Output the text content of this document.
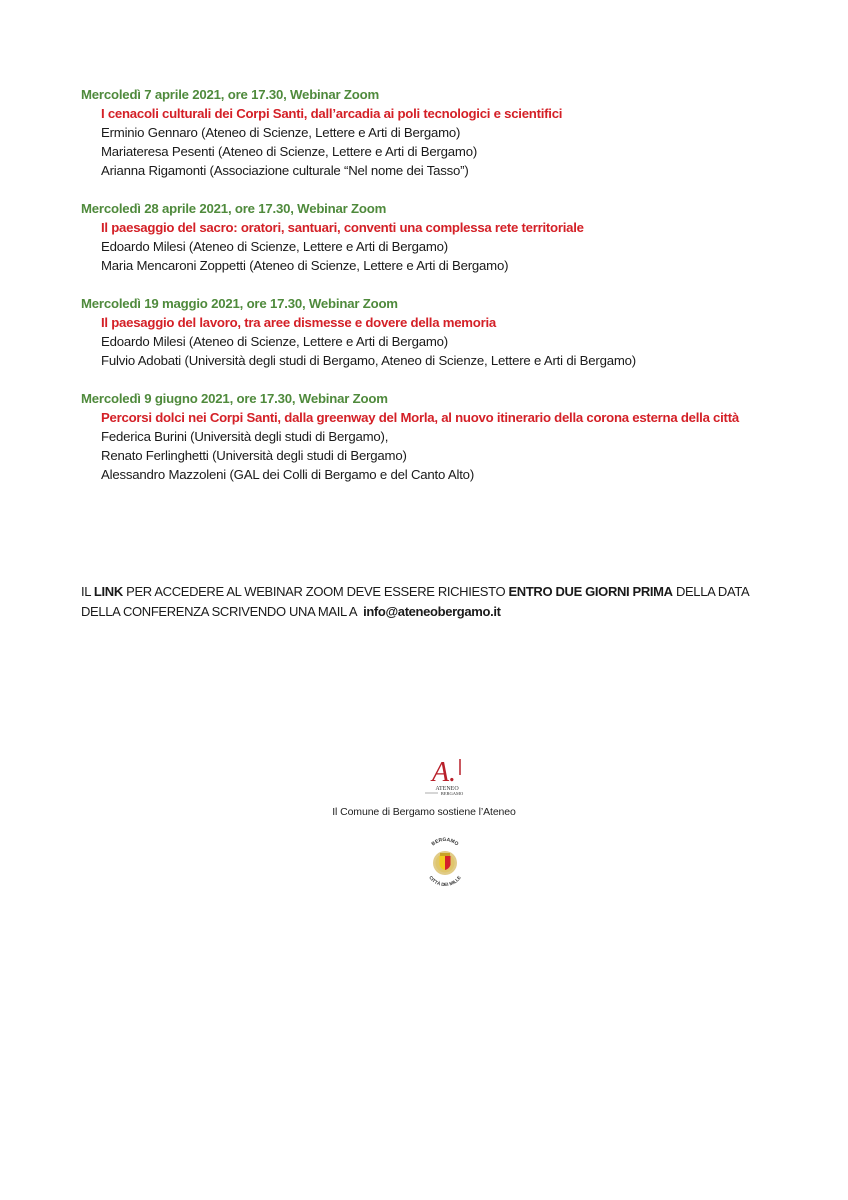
Mercoledì 7 aprile 2021, ore 17.30, Webinar Zoom
I cenacoli culturali dei Corpi Santi, dall’arcadia ai poli tecnologici e scientifici
Erminio Gennaro (Ateneo di Scienze, Lettere e Arti di Bergamo)
Mariateresa Pesenti (Ateneo di Scienze, Lettere e Arti di Bergamo)
Arianna Rigamonti (Associazione culturale “Nel nome dei Tasso”)
Mercoledì 28 aprile 2021, ore 17.30, Webinar Zoom
Il paesaggio del sacro: oratori, santuari, conventi una complessa rete territoriale
Edoardo Milesi (Ateneo di Scienze, Lettere e Arti di Bergamo)
Maria Mencaroni Zoppetti (Ateneo di Scienze, Lettere e Arti di Bergamo)
Mercoledì 19 maggio 2021, ore 17.30, Webinar Zoom
Il paesaggio del lavoro, tra aree dismesse e dovere della memoria
Edoardo Milesi (Ateneo di Scienze, Lettere e Arti di Bergamo)
Fulvio Adobati (Università degli studi di Bergamo, Ateneo di Scienze, Lettere e Arti di Bergamo)
Mercoledì 9 giugno 2021, ore 17.30, Webinar Zoom
Percorsi dolci nei Corpi Santi, dalla greenway del Morla, al nuovo itinerario della corona esterna della città
Federica Burini (Università degli studi di Bergamo),
Renato Ferlinghetti (Università degli studi di Bergamo)
Alessandro Mazzoleni (GAL dei Colli di Bergamo e del Canto Alto)
IL LINK PER ACCEDERE AL WEBINAR ZOOM DEVE ESSERE RICHIESTO ENTRO DUE GIORNI PRIMA DELLA DATA DELLA CONFERENZA SCRIVENDO UNA MAIL A  info@ateneobergamo.it
A.
ATENEO
BERGAMO
Il Comune di Bergamo sostiene l’Ateneo
BERGAMO
CITTÀ DEI MILLE
